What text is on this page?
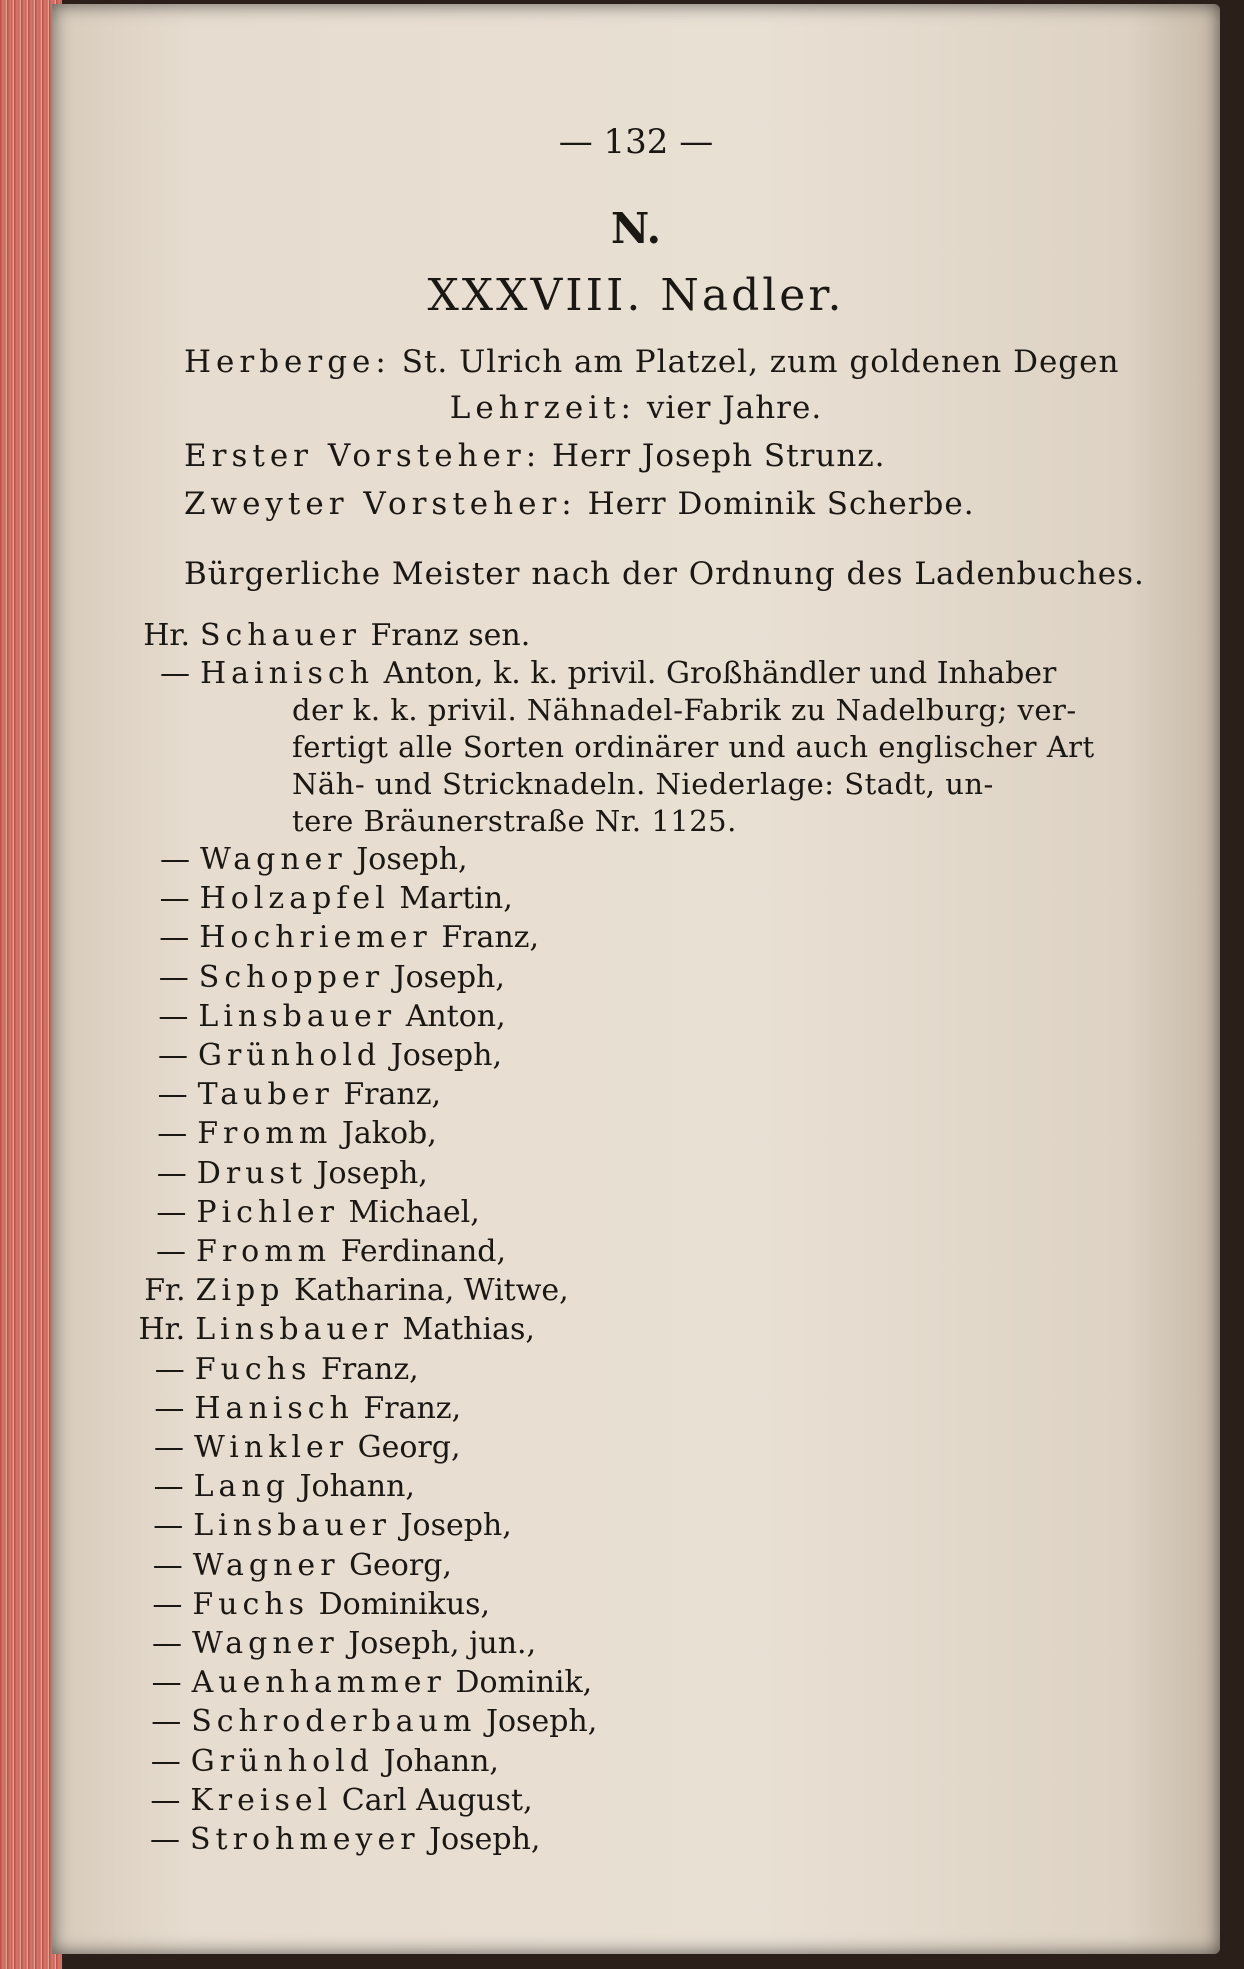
— 132 —
N.
XXXVIII. Nadler.
Herberge: St. Ulrich am Platzel, zum goldenen Degen
Lehrzeit: vier Jahre.
Erster Vorsteher: Herr Joseph Strunz.
Zweyter Vorsteher: Herr Dominik Scherbe.
Bürgerliche Meister nach der Ordnung des Ladenbuches.
Hr. Schauer Franz sen.
— Hainisch Anton, k. k. privil. Großhändler und Inhaber
der k. k. privil. Nähnadel-Fabrik zu Nadelburg; ver-
fertigt alle Sorten ordinärer und auch englischer Art
Näh- und Stricknadeln. Niederlage: Stadt, un-
tere Bräunerstraße Nr. 1125.
— Wagner Joseph,
— Holzapfel Martin,
— Hochriemer Franz,
— Schopper Joseph,
— Linsbauer Anton,
— Grünhold Joseph,
— Tauber Franz,
— Fromm Jakob,
— Drust Joseph,
— Pichler Michael,
— Fromm Ferdinand,
Fr. Zipp Katharina, Witwe,
Hr. Linsbauer Mathias,
— Fuchs Franz,
— Hanisch Franz,
— Winkler Georg,
— Lang Johann,
— Linsbauer Joseph,
— Wagner Georg,
— Fuchs Dominikus,
— Wagner Joseph, jun.,
— Auenhammer Dominik,
— Schroderbaum Joseph,
— Grünhold Johann,
— Kreisel Carl August,
— Strohmeyer Joseph,
